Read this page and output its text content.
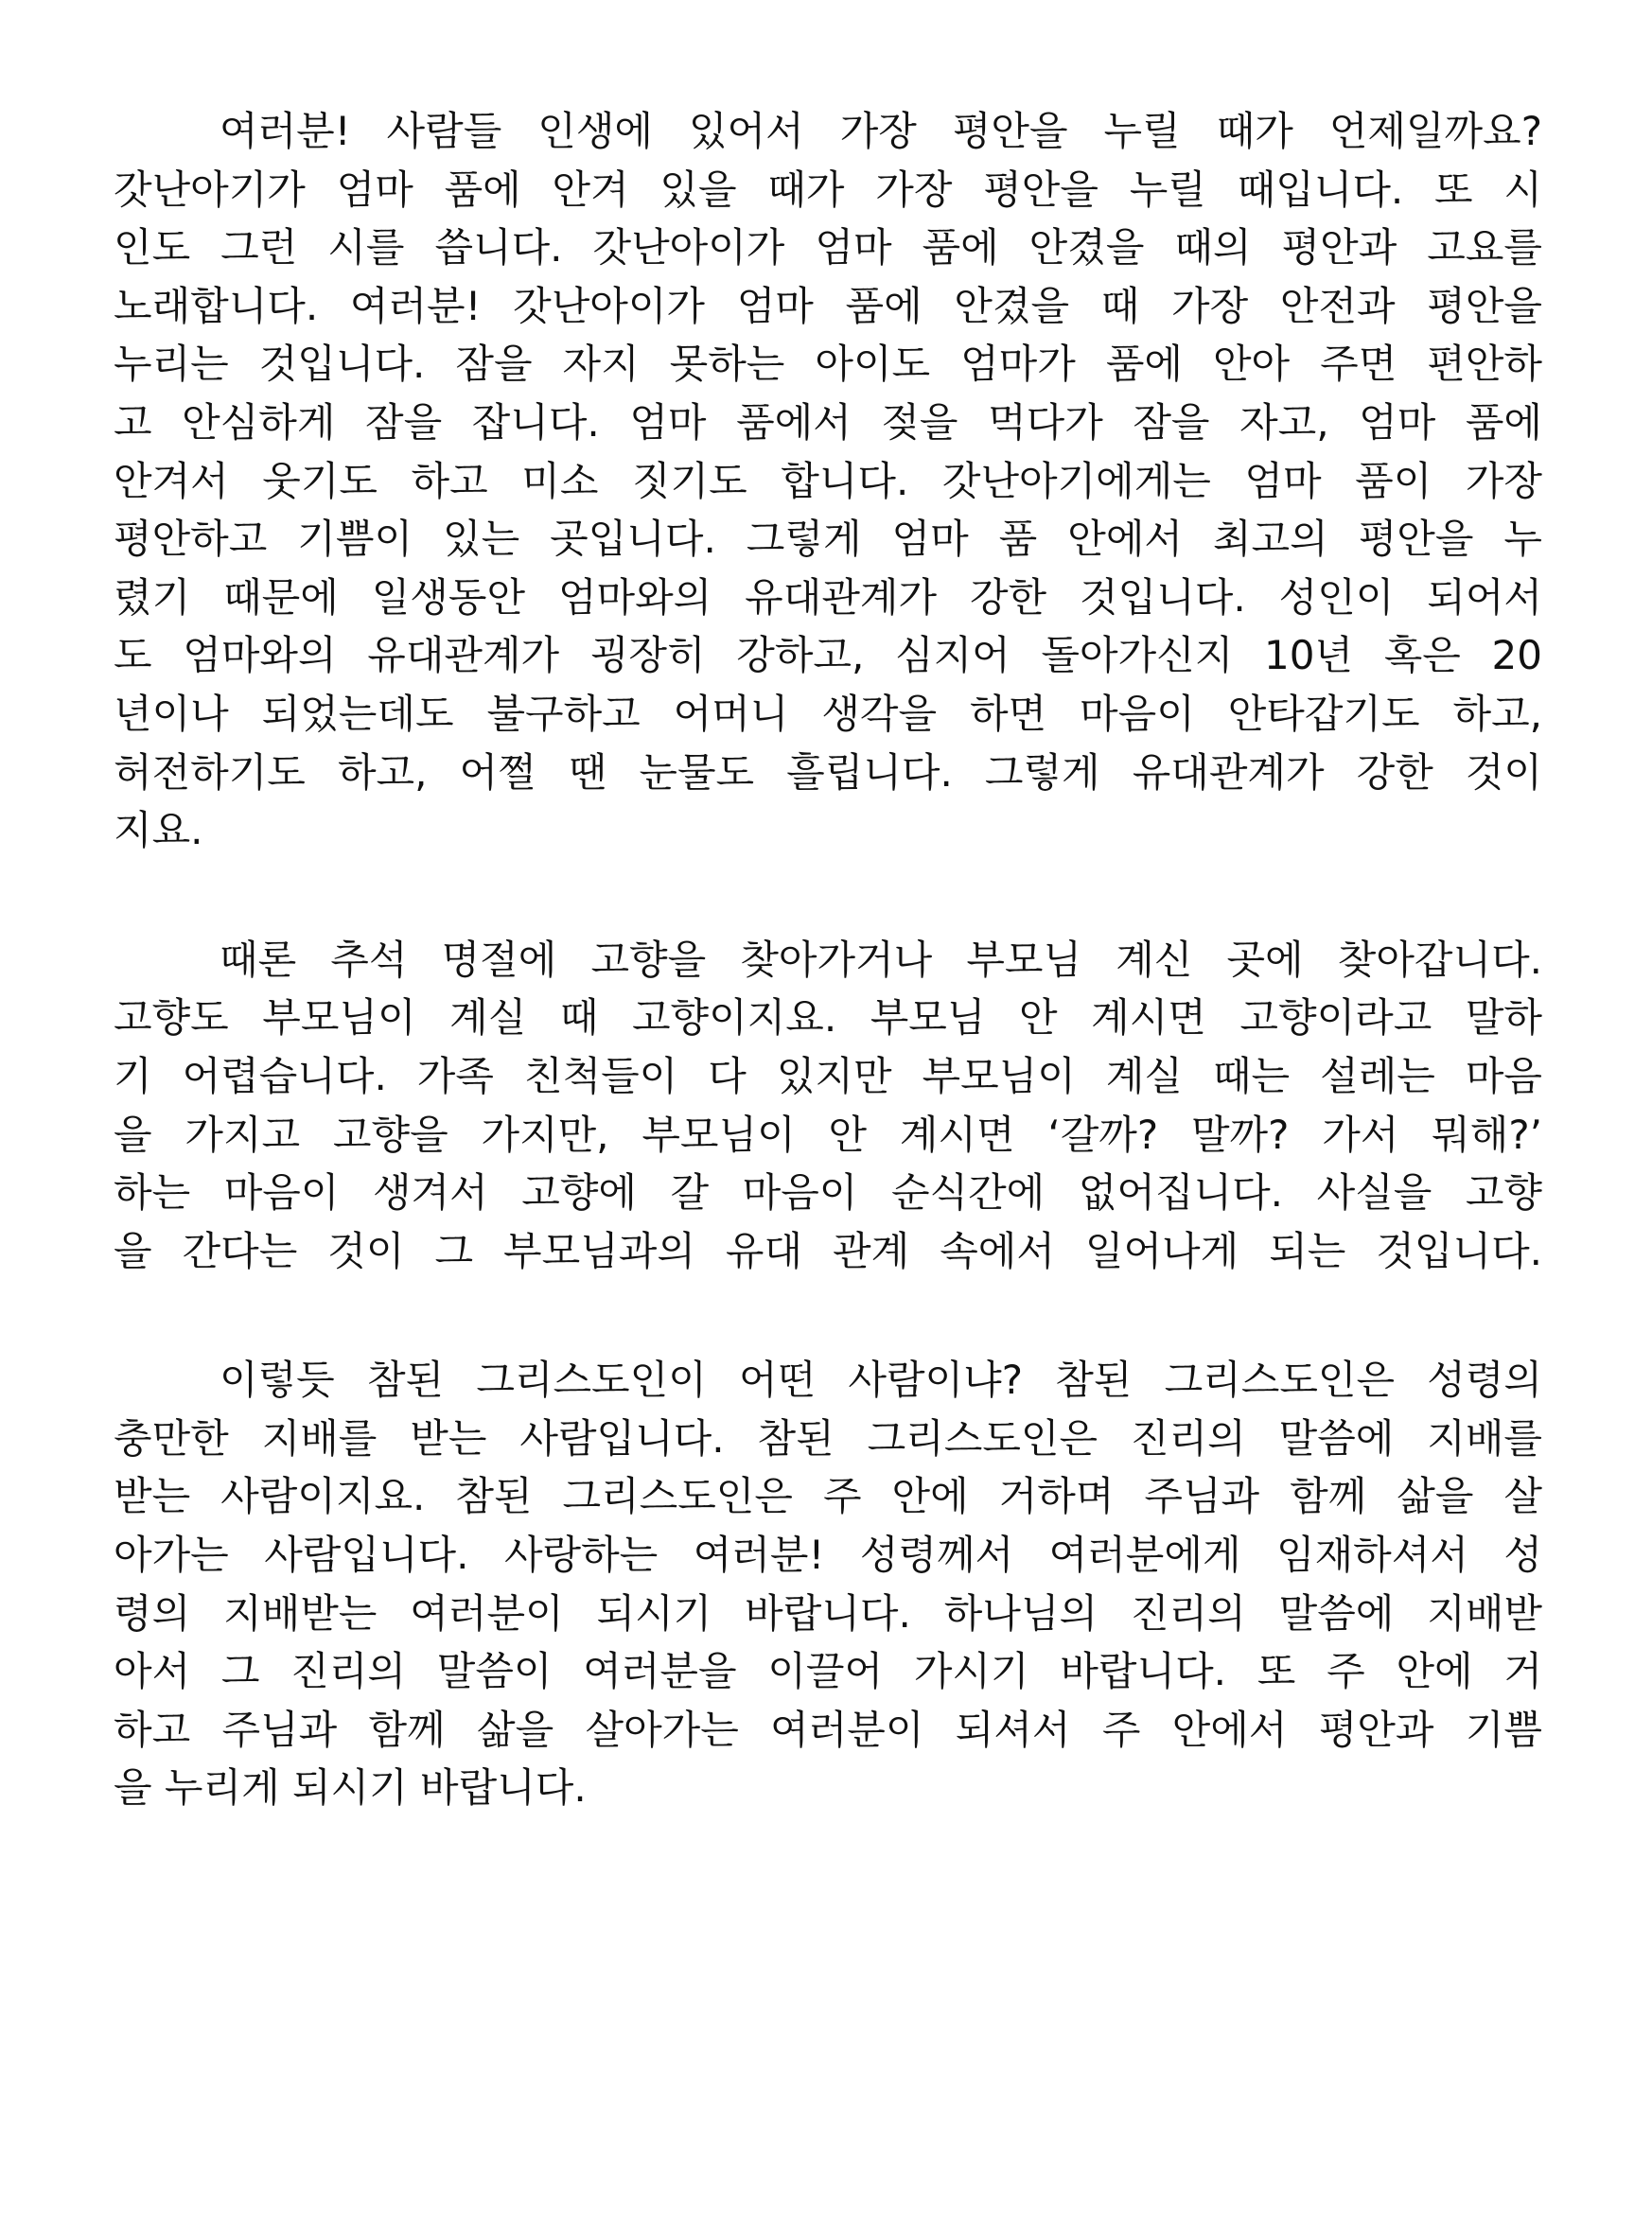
여러분! 사람들 인생에 있어서 가장 평안을 누릴 때가 언제일까요?
갓난아기가 엄마 품에 안겨 있을 때가 가장 평안을 누릴 때입니다. 또 시
인도 그런 시를 씁니다. 갓난아이가 엄마 품에 안겼을 때의 평안과 고요를
노래합니다. 여러분! 갓난아이가 엄마 품에 안겼을 때 가장 안전과 평안을
누리는 것입니다. 잠을 자지 못하는 아이도 엄마가 품에 안아 주면 편안하
고 안심하게 잠을 잡니다. 엄마 품에서 젖을 먹다가 잠을 자고, 엄마 품에
안겨서 웃기도 하고 미소 짓기도 합니다. 갓난아기에게는 엄마 품이 가장
평안하고 기쁨이 있는 곳입니다. 그렇게 엄마 품 안에서 최고의 평안을 누
렸기 때문에 일생동안 엄마와의 유대관계가 강한 것입니다. 성인이 되어서
도 엄마와의 유대관계가 굉장히 강하고, 심지어 돌아가신지 10년 혹은 20
년이나 되었는데도 불구하고 어머니 생각을 하면 마음이 안타갑기도 하고,
허전하기도 하고, 어쩔 땐 눈물도 흘립니다. 그렇게 유대관계가 강한 것이
지요.
때론 추석 명절에 고향을 찾아가거나 부모님 계신 곳에 찾아갑니다.
고향도 부모님이 계실 때 고향이지요. 부모님 안 계시면 고향이라고 말하
기 어렵습니다. 가족 친척들이 다 있지만 부모님이 계실 때는 설레는 마음
을 가지고 고향을 가지만, 부모님이 안 계시면 ‘갈까? 말까? 가서 뭐해?’
하는 마음이 생겨서 고향에 갈 마음이 순식간에 없어집니다. 사실을 고향
을 간다는 것이 그 부모님과의 유대 관계 속에서 일어나게 되는 것입니다.
이렇듯 참된 그리스도인이 어떤 사람이냐? 참된 그리스도인은 성령의
충만한 지배를 받는 사람입니다. 참된 그리스도인은 진리의 말씀에 지배를
받는 사람이지요. 참된 그리스도인은 주 안에 거하며 주님과 함께 삶을 살
아가는 사람입니다. 사랑하는 여러분! 성령께서 여러분에게 임재하셔서 성
령의 지배받는 여러분이 되시기 바랍니다. 하나님의 진리의 말씀에 지배받
아서 그 진리의 말씀이 여러분을 이끌어 가시기 바랍니다. 또 주 안에 거
하고 주님과 함께 삶을 살아가는 여러분이 되셔서 주 안에서 평안과 기쁨
을 누리게 되시기 바랍니다.
